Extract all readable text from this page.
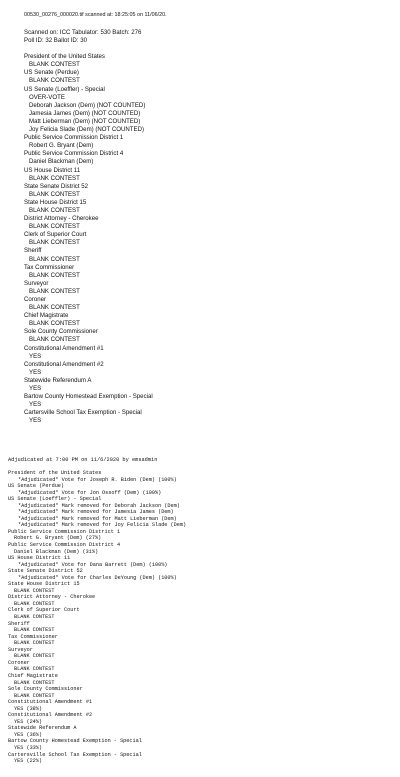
00530_00276_000020.tif scanned at: 18:25:05 on 11/06/20.
Scanned on: ICC Tabulator: 530 Batch: 276
Poll ID: 32 Ballot ID: 30
President of the United States
BLANK CONTEST
US Senate (Perdue)
BLANK CONTEST
US Senate (Loeffler) - Special
OVER-VOTE
Deborah Jackson (Dem) (NOT COUNTED)
Jamesia James (Dem) (NOT COUNTED)
Matt Lieberman (Dem) (NOT COUNTED)
Joy Felicia Slade (Dem) (NOT COUNTED)
Public Service Commission District 1
Robert G. Bryant (Dem)
Public Service Commission District 4
Daniel Blackman (Dem)
US House District 11
BLANK CONTEST
State Senate District 52
BLANK CONTEST
State House District 15
BLANK CONTEST
District Attorney - Cherokee
BLANK CONTEST
Clerk of Superior Court
BLANK CONTEST
Sheriff
BLANK CONTEST
Tax Commissioner
BLANK CONTEST
Surveyor
BLANK CONTEST
Coroner
BLANK CONTEST
Chief Magistrate
BLANK CONTEST
Sole County Commissioner
BLANK CONTEST
Constitutional Amendment #1
YES
Constitutional Amendment #2
YES
Statewide Referendum A
YES
Bartow County Homestead Exemption - Special
YES
Cartersville School Tax Exemption - Special
YES
Adjudicated at 7:00 PM on 11/6/2020 by emsadmin
President of the United States
*Adjudicated* Vote for Joseph R. Biden (Dem) (100%)
US Senate (Perdue)
*Adjudicated* Vote for Jon Ossoff (Dem) (100%)
US Senate (Loeffler) - Special
*Adjudicated* Mark removed for Deborah Jackson (Dem)
*Adjudicated* Mark removed for Jamesia James (Dem)
*Adjudicated* Mark removed for Matt Lieberman (Dem)
*Adjudicated* Mark removed for Joy Felicia Slade (Dem)
Public Service Commission District 1
Robert G. Bryant (Dem) (27%)
Public Service Commission District 4
Daniel Blackman (Dem) (31%)
US House District 11
*Adjudicated* Vote for Dana Barrett (Dem) (100%)
State Senate District 52
*Adjudicated* Vote for Charles DeYoung (Dem) (100%)
State House District 15
BLANK CONTEST
District Attorney - Cherokee
BLANK CONTEST
Clerk of Superior Court
BLANK CONTEST
Sheriff
BLANK CONTEST
Tax Commissioner
BLANK CONTEST
Surveyor
BLANK CONTEST
Coroner
BLANK CONTEST
Chief Magistrate
BLANK CONTEST
Sole County Commissioner
BLANK CONTEST
Constitutional Amendment #1
YES (38%)
Constitutional Amendment #2
YES (24%)
Statewide Referendum A
YES (36%)
Bartow County Homestead Exemption - Special
YES (33%)
Cartersville School Tax Exemption - Special
YES (22%)
